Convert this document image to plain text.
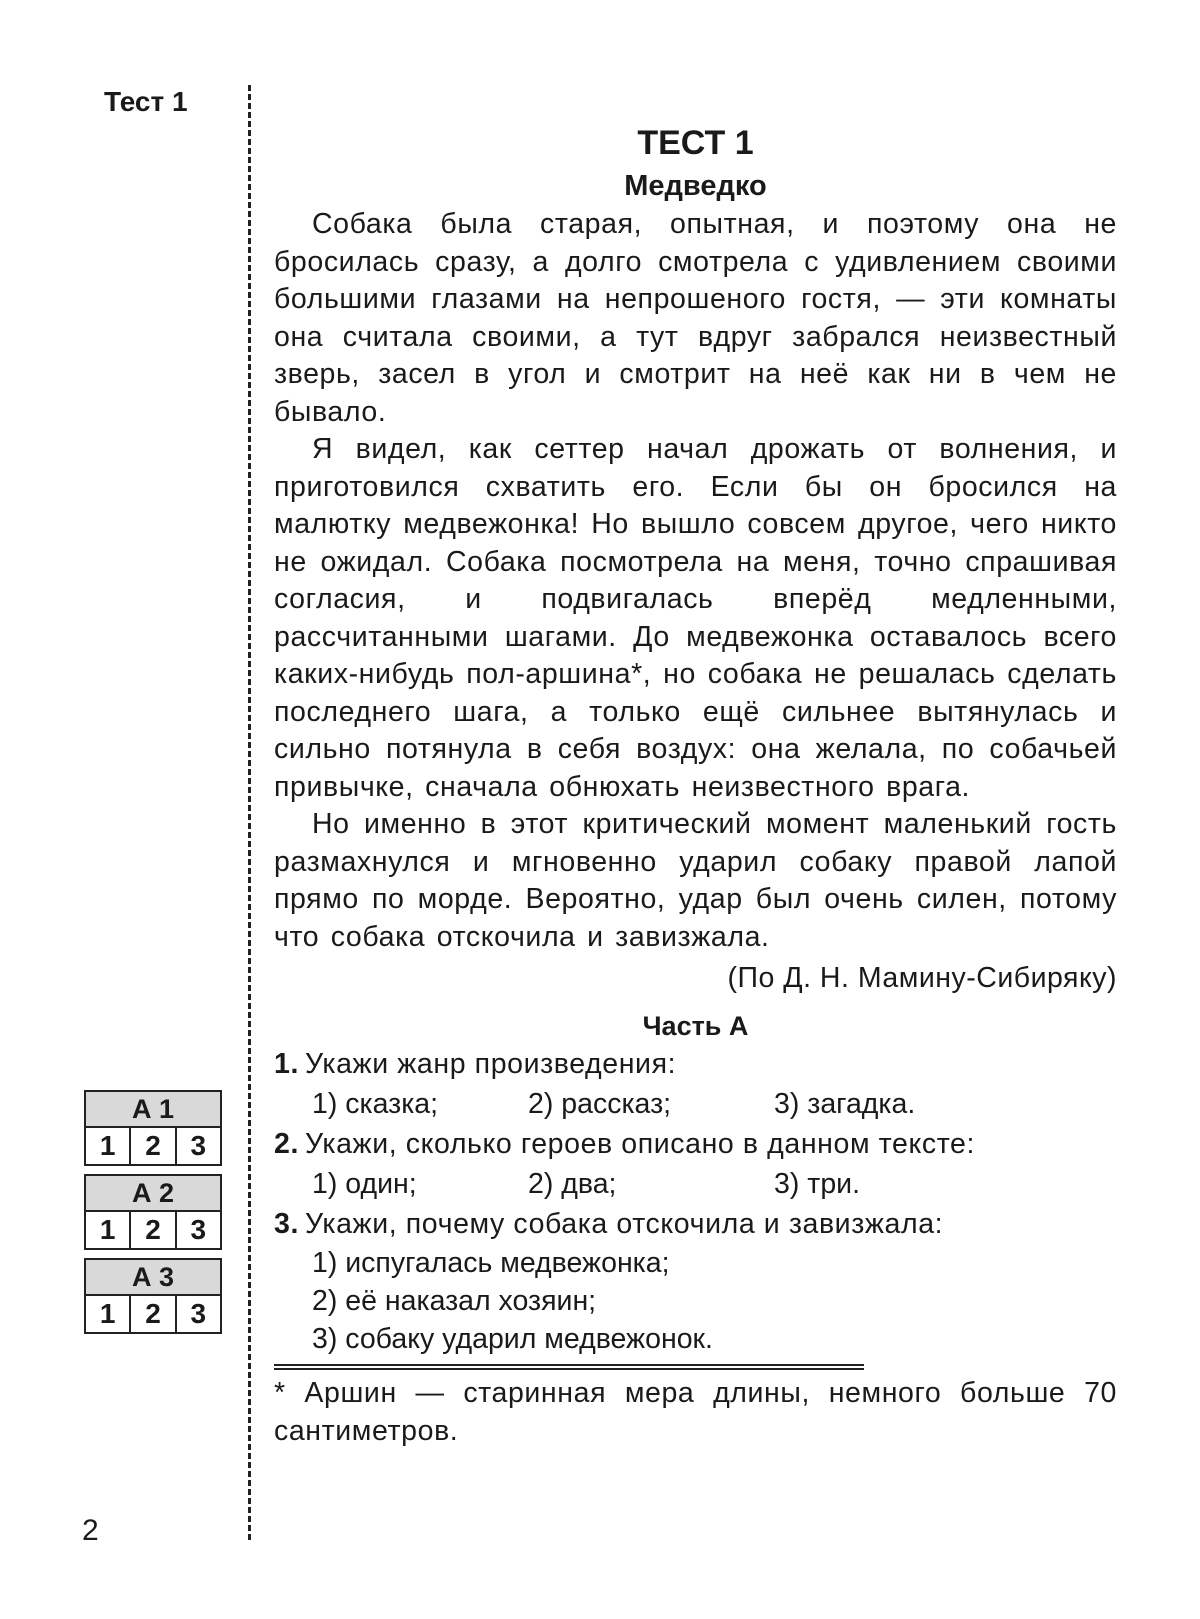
Тест 1
2
А 1
1	2	3
А 2
1	2	3
А 3
1	2	3
ТЕСТ 1
Медведко

Собака была старая, опытная, и поэтому она не бросилась сразу, а долго смотрела с удивлением своими большими глазами на непрошеного гостя, — эти комнаты она считала своими, а тут вдруг забрался неизвестный зверь, засел в угол и смотрит на неё как ни в чем не бывало.

Я видел, как сеттер начал дрожать от волнения, и приготовился схватить его. Если бы он бросился на малютку медвежонка! Но вышло совсем другое, чего никто не ожидал. Собака посмотрела на меня, точно спрашивая согласия, и подвигалась вперёд медленными, рассчитанными шагами. До медвежонка оставалось всего каких-нибудь пол-аршина*, но собака не решалась сделать последнего шага, а только ещё сильнее вытянулась и сильно потянула в себя воздух: она желала, по собачьей привычке, сначала обнюхать неизвестного врага.

Но именно в этот критический момент маленький гость размахнулся и мгновенно ударил собаку правой лапой прямо по морде. Вероятно, удар был очень силен, потому что собака отскочила и завизжала.

(По Д. Н. Мамину-Сибиряку)
Часть А
1. Укажи жанр произведения:
1) сказка;	2) рассказ;	3) загадка.
2. Укажи, сколько героев описано в данном тексте:
1) один;	2) два;	3) три.
3. Укажи, почему собака отскочила и завизжала:
1) испугалась медвежонка;
2) её наказал хозяин;
3) собаку ударил медвежонок.
* Аршин — старинная мера длины, немного больше 70 сантиметров.
